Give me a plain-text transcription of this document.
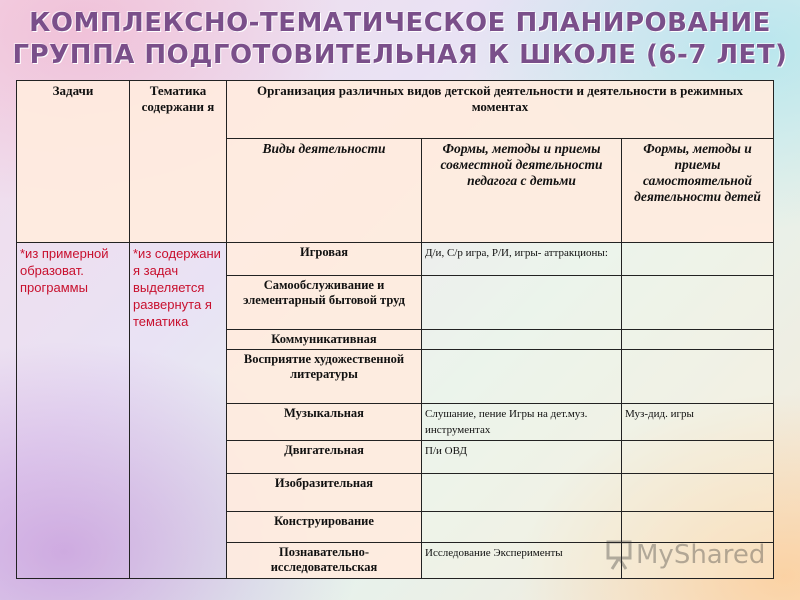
КОМПЛЕКСНО-ТЕМАТИЧЕСКОЕ ПЛАНИРОВАНИЕ
ГРУППА ПОДГОТОВИТЕЛЬНАЯ К ШКОЛЕ (6-7 ЛЕТ)
Задачи	Тематика содержани я	Организация различных видов детской деятельности и деятельности в режимных моментах		
		Виды деятельности	Формы, методы и приемы совместной деятельности педагога с детьми	Формы, методы и приемы самостоятельной деятельности детей
*из примерной образоват. программы	*из содержани я задач выделяется развернута я тематика	Игровая	Д/и, С/р игра, Р/И, игры- аттракционы:	
		Самообслуживание и элементарный бытовой труд		
		Коммуникативная		
		Восприятие художественной литературы		
		Музыкальная	Слушание, пение Игры на дет.муз. инструментах	Муз-дид. игры
		Двигательная	П/и ОВД	
		Изобразительная		
		Конструирование		
		Познавательно- исследовательская	Исследование Эксперименты		MyShared
